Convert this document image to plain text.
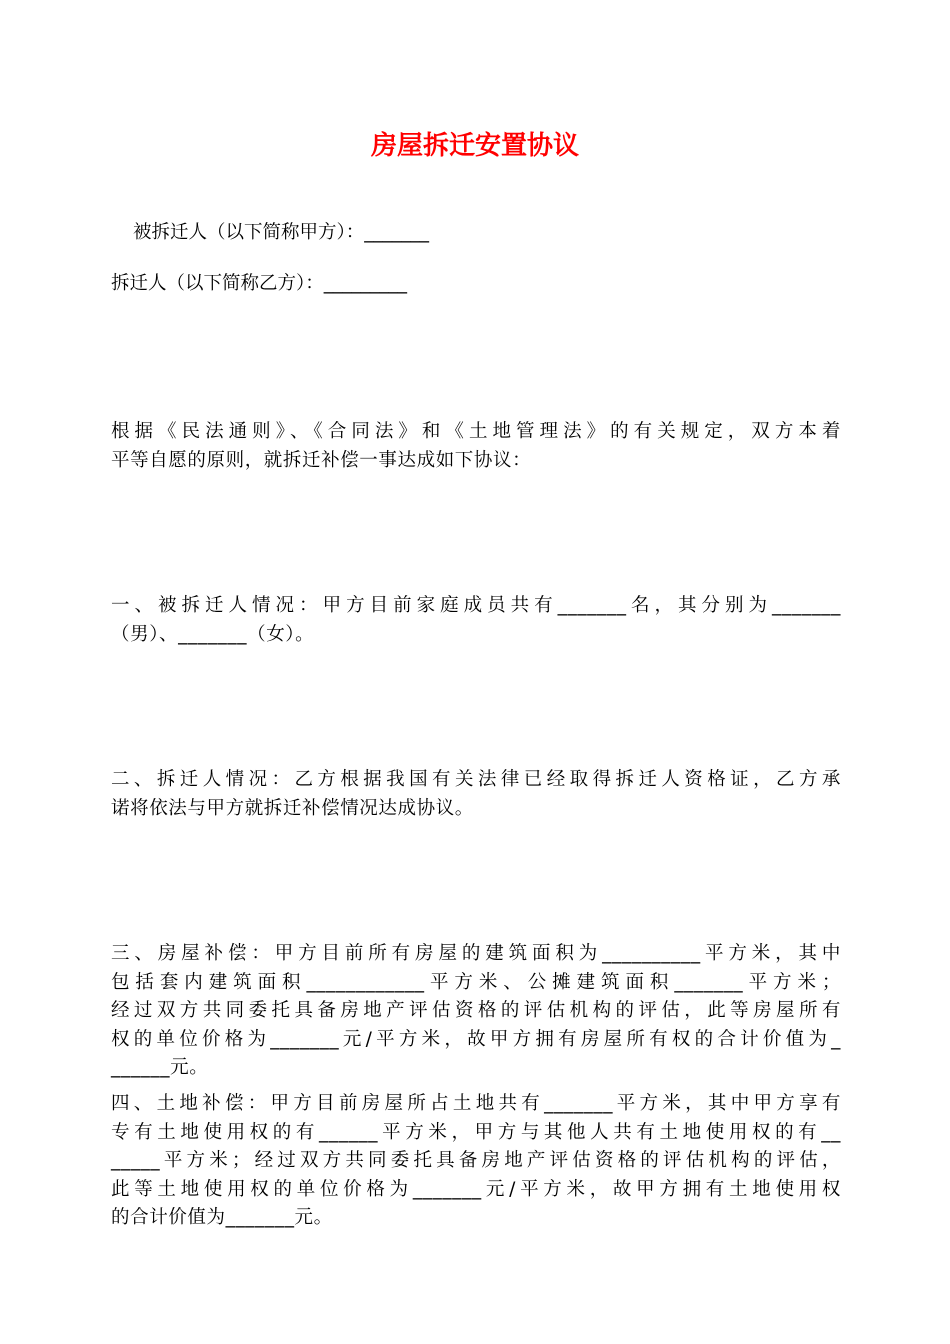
房屋拆迁安置协议
被拆迁人（以下简称甲方）：_______
拆迁人（以下简称乙方）：_________
根据《民法通则》、《合同法》和《土地管理法》的有关规定，双方本着
平等自愿的原则，就拆迁补偿一事达成如下协议：
一、被拆迁人情况：甲方目前家庭成员共有_______名，其分别为_______
（男）、_______（女）。
二、拆迁人情况：乙方根据我国有关法律已经取得拆迁人资格证，乙方承
诺将依法与甲方就拆迁补偿情况达成协议。
三、房屋补偿：甲方目前所有房屋的建筑面积为__________平方米，其中
包括套内建筑面积____________平方米、公摊建筑面积_______平方米；
经过双方共同委托具备房地产评估资格的评估机构的评估，此等房屋所有
权的单位价格为_______元/平方米，故甲方拥有房屋所有权的合计价值为_
______元。
四、土地补偿：甲方目前房屋所占土地共有_______平方米，其中甲方享有
专有土地使用权的有______平方米，甲方与其他人共有土地使用权的有__
_____平方米；经过双方共同委托具备房地产评估资格的评估机构的评估，
此等土地使用权的单位价格为_______元/平方米，故甲方拥有土地使用权
的合计价值为_______元。
